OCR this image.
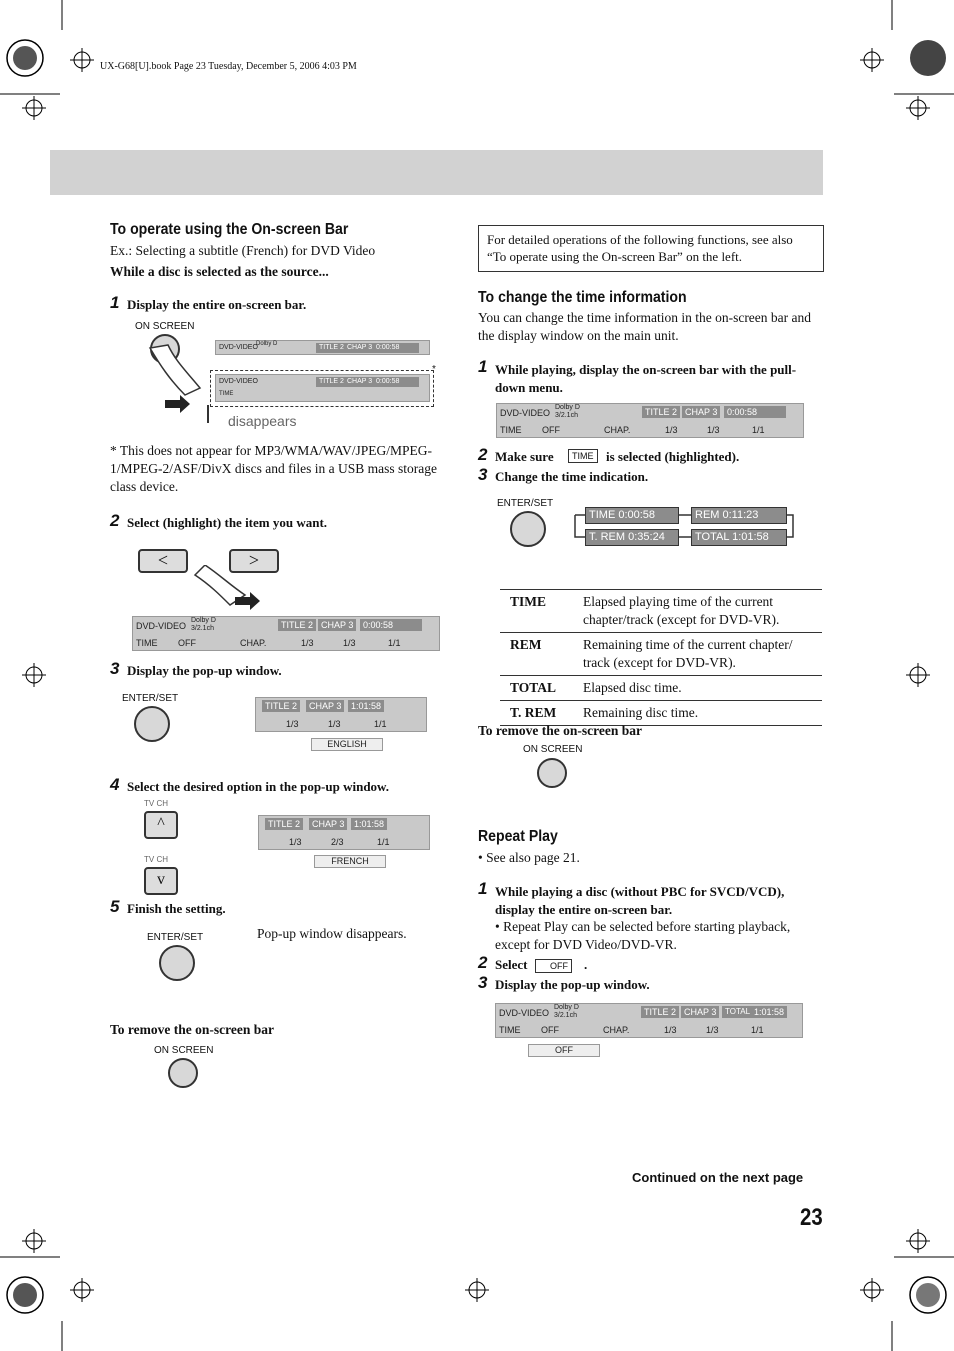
UX-G68[U].book Page 23 Tuesday, December 5, 2006 4:03 PM
To operate using the On-screen Bar
Ex.: Selecting a subtitle (French) for DVD Video
While a disc is selected as the source...
1 Display the entire on-screen bar.
ON SCREEN
DVD-VIDEO
Dolby D	TITLE 2 CHAP 3 0:00:58
DVD-VIDEO	TITLE 2 CHAP 3 0:00:58
TIME
*
disappears
* This does not appear for MP3/WMA/WAV/JPEG/MPEG-1/MPEG-2/ASF/DivX discs and files in a USB mass storage class device.
2 Select (highlight) the item you want.
<	>
DVD-VIDEO
Dolby D
3/2.1ch	TITLE 2 CHAP 3	0:00:58
TIME OFF	CHAP.	1/3	1/3	1/1
3 Display the pop-up window.
ENTER/SET
TITLE 2	CHAP 3	1:01:58
1/3	1/3	1/1
ENGLISH
4 Select the desired option in the pop-up window.
TV CH
^
TV CH
v
TITLE 2	CHAP 3	1:01:58
1/3	2/3	1/1
FRENCH
5 Finish the setting.
ENTER/SET	Pop-up window disappears.
To remove the on-screen bar
ON SCREEN
For detailed operations of the following functions, see also “To operate using the On-screen Bar” on the left.
To change the time information
You can change the time information in the on-screen bar and the display window on the main unit.
1 While playing, display the on-screen bar with the pull-down menu.
DVD-VIDEO
Dolby D
3/2.1ch	TITLE 2 CHAP 3	0:00:58
TIME OFF	CHAP.	1/3	1/3	1/1
2 Make sure	TIME is selected (highlighted).
3 Change the time indication.
ENTER/SET
TIME 0:00:58	REM 0:11:23
T. REM 0:35:24	TOTAL 1:01:58
TIME	Elapsed playing time of the current chapter/track (except for DVD-VR).
REM	Remaining time of the current chapter/ track (except for DVD-VR).
TOTAL	Elapsed disc time.
T. REM	Remaining disc time.
To remove the on-screen bar
ON SCREEN
Repeat Play
• See also page 21.
1 While playing a disc (without PBC for SVCD/VCD), display the entire on-screen bar.
• Repeat Play can be selected before starting playback, except for DVD Video/DVD-VR.
2 Select	OFF	.
3 Display the pop-up window.
DVD-VIDEO
Dolby D
3/2.1ch	TITLE 2 CHAP 3	TOTAL 1:01:58
TIME OFF	CHAP.	1/3	1/3	1/1
OFF
Continued on the next page
23
